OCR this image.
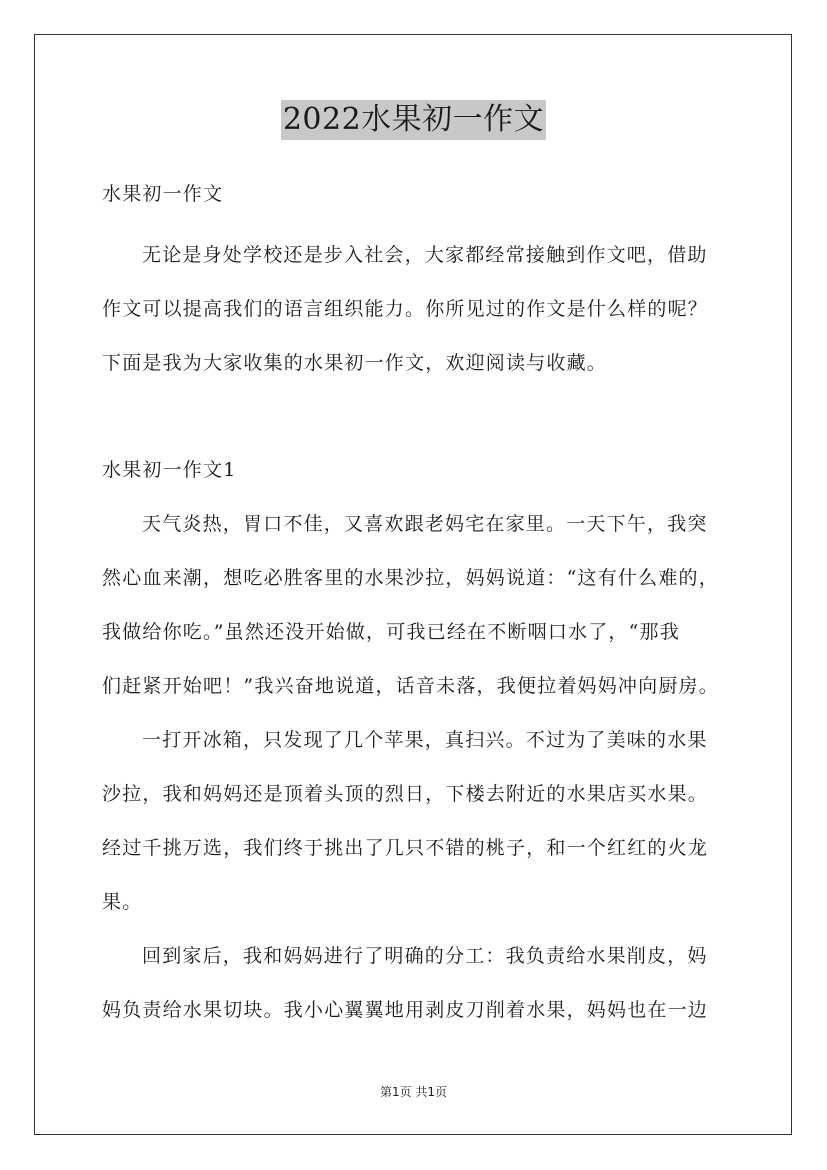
2022水果初一作文
水果初一作文
无论是身处学校还是步入社会，大家都经常接触到作文吧，借助
作文可以提高我们的语言组织能力。你所见过的作文是什么样的呢？
下面是我为大家收集的水果初一作文，欢迎阅读与收藏。
水果初一作文1
天气炎热，胃口不佳，又喜欢跟老妈宅在家里。一天下午，我突
然心血来潮，想吃必胜客里的水果沙拉，妈妈说道：“这有什么难的，
我做给你吃。”虽然还没开始做，可我已经在不断咽口水了，“那我
们赶紧开始吧！”我兴奋地说道，话音未落，我便拉着妈妈冲向厨房。
一打开冰箱，只发现了几个苹果，真扫兴。不过为了美味的水果
沙拉，我和妈妈还是顶着头顶的烈日，下楼去附近的水果店买水果。
经过千挑万选，我们终于挑出了几只不错的桃子，和一个红红的火龙
果。
回到家后，我和妈妈进行了明确的分工：我负责给水果削皮，妈
妈负责给水果切块。我小心翼翼地用剥皮刀削着水果，妈妈也在一边
第1页 共1页
